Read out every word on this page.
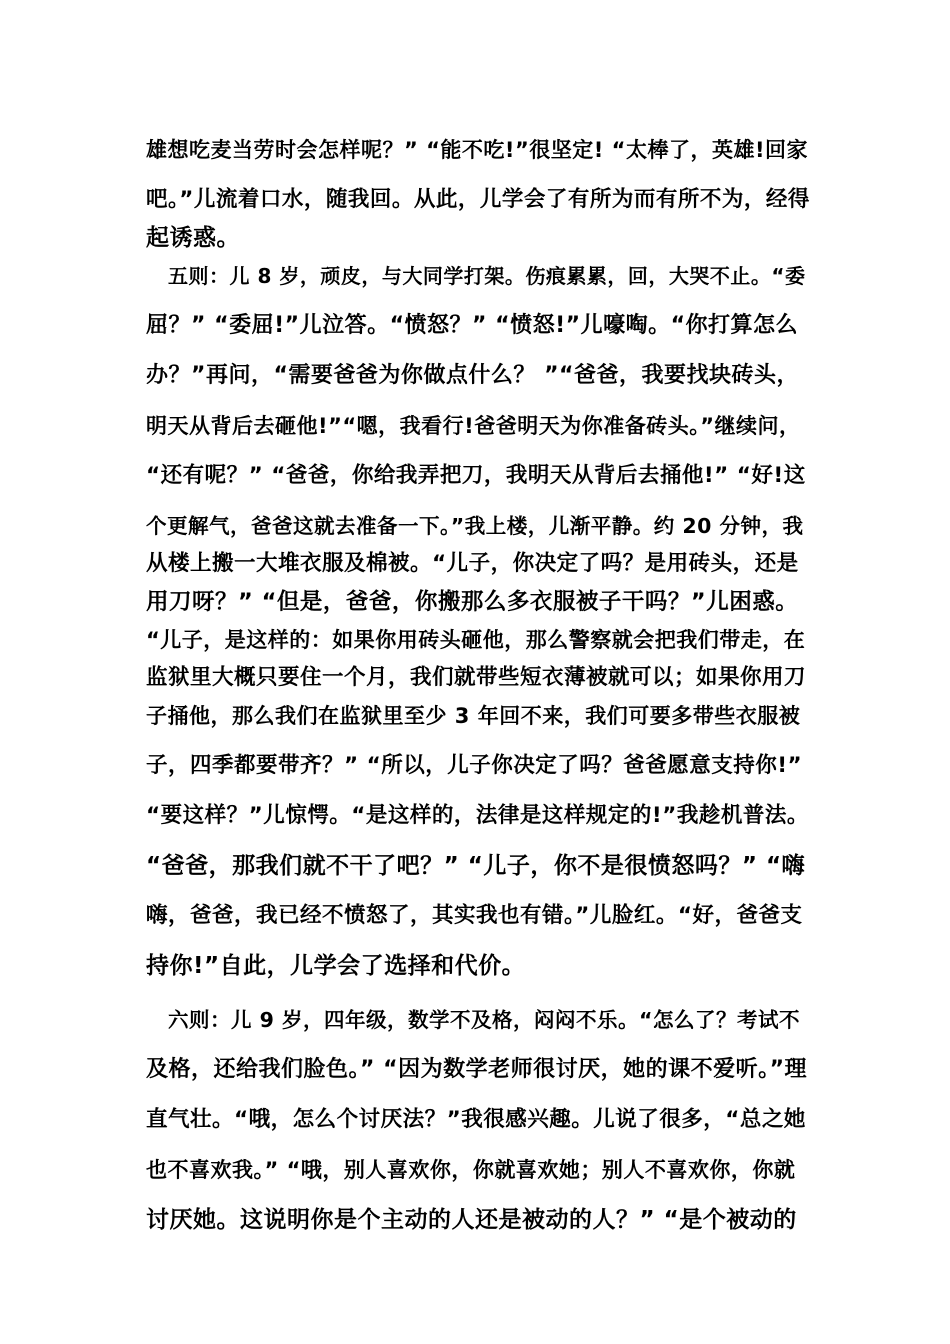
雄想吃麦当劳时会怎样呢？” “能不吃!”很坚定! “太棒了，英雄!回家
吧。”儿流着口水，随我回。从此，儿学会了有所为而有所不为，经得
起诱惑。
五则：儿 8 岁，顽皮，与大同学打架。伤痕累累，回，大哭不止。“委
屈？” “委屈!”儿泣答。“愤怒？” “愤怒!”儿嚎啕。“你打算怎么
办？”再问，“需要爸爸为你做点什么？ ”“爸爸，我要找块砖头，
明天从背后去砸他!”“嗯，我看行!爸爸明天为你准备砖头。”继续问，
“还有呢？” “爸爸，你给我弄把刀，我明天从背后去捅他!” “好!这
个更解气，爸爸这就去准备一下。”我上楼，儿渐平静。约 20 分钟，我
从楼上搬一大堆衣服及棉被。“儿子，你决定了吗？是用砖头，还是
用刀呀？” “但是，爸爸，你搬那么多衣服被子干吗？”儿困惑。
“儿子，是这样的：如果你用砖头砸他，那么警察就会把我们带走，在
监狱里大概只要住一个月，我们就带些短衣薄被就可以；如果你用刀
子捅他，那么我们在监狱里至少 3 年回不来，我们可要多带些衣服被
子，四季都要带齐？” “所以，儿子你决定了吗？爸爸愿意支持你!”
“要这样？”儿惊愕。“是这样的，法律是这样规定的!”我趁机普法。
“爸爸，那我们就不干了吧？” “儿子，你不是很愤怒吗？” “嗨
嗨，爸爸，我已经不愤怒了，其实我也有错。”儿脸红。“好，爸爸支
持你!”自此，儿学会了选择和代价。
六则：儿 9 岁，四年级，数学不及格，闷闷不乐。“怎么了？考试不
及格，还给我们脸色。” “因为数学老师很讨厌，她的课不爱听。”理
直气壮。“哦，怎么个讨厌法？”我很感兴趣。儿说了很多，“总之她
也不喜欢我。” “哦，别人喜欢你，你就喜欢她；别人不喜欢你，你就
讨厌她。这说明你是个主动的人还是被动的人？” “是个被动的
